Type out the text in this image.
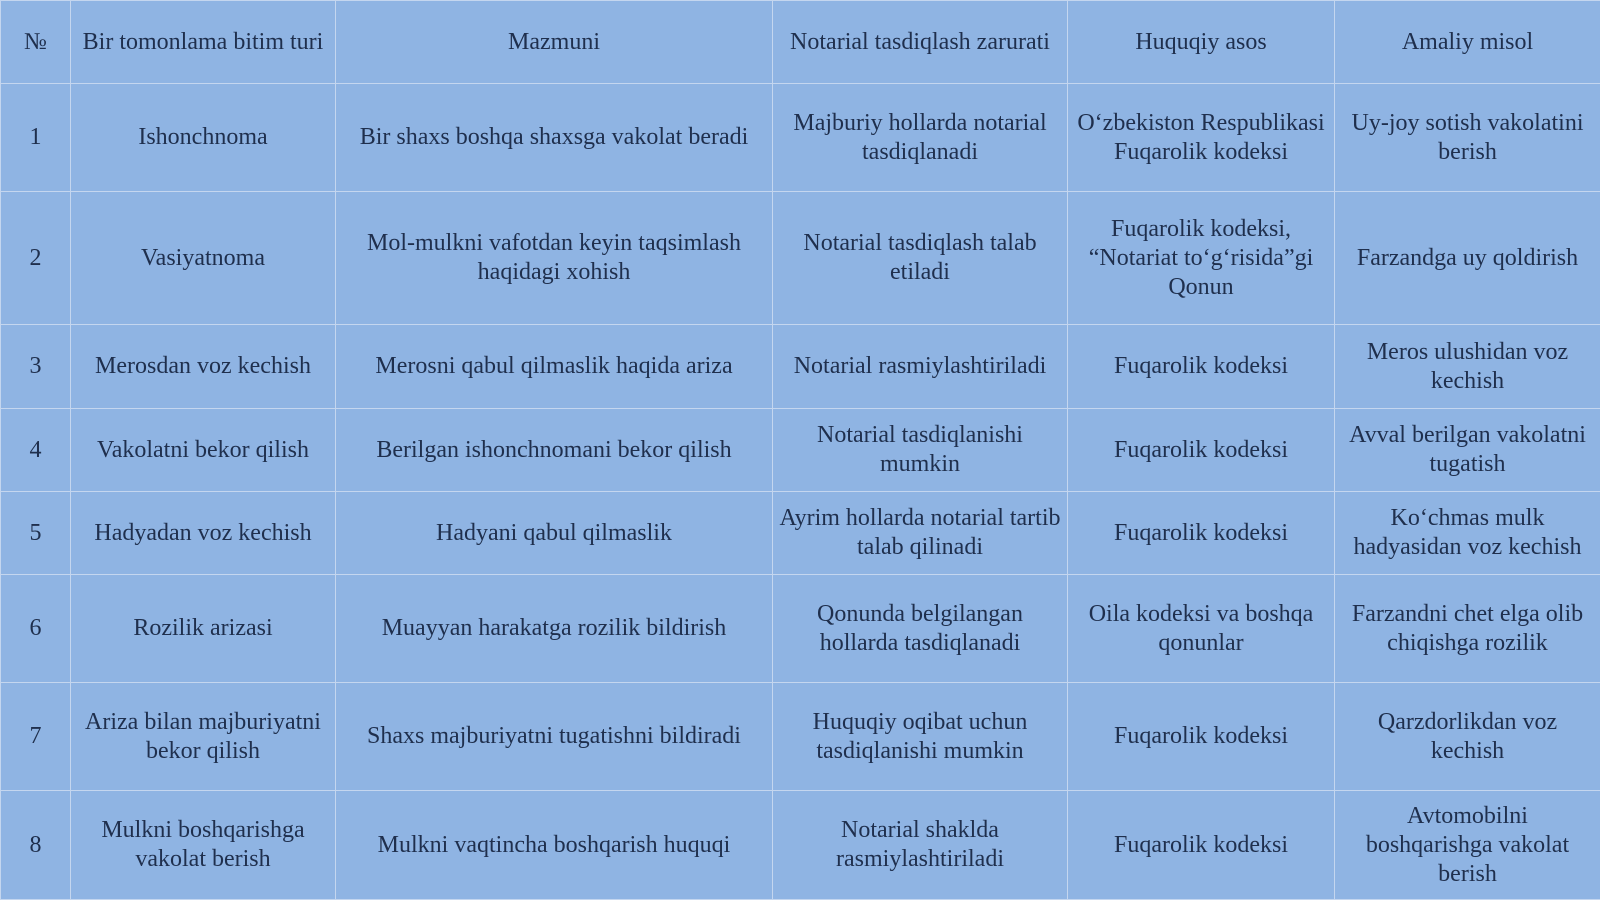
№	Bir tomonlama bitim turi	Mazmuni	Notarial tasdiqlash zarurati	Huquqiy asos	Amaliy misol
1	Ishonchnoma	Bir shaxs boshqa shaxsga vakolat beradi	Majburiy hollarda notarial tasdiqlanadi	O‘zbekiston Respublikasi Fuqarolik kodeksi	Uy-joy sotish vakolatini berish
2	Vasiyatnoma	Mol-mulkni vafotdan keyin taqsimlash haqidagi xohish	Notarial tasdiqlash talab etiladi	Fuqarolik kodeksi, “Notariat to‘g‘risida”gi Qonun	Farzandga uy qoldirish
3	Merosdan voz kechish	Merosni qabul qilmaslik haqida ariza	Notarial rasmiylashtiriladi	Fuqarolik kodeksi	Meros ulushidan voz kechish
4	Vakolatni bekor qilish	Berilgan ishonchnomani bekor qilish	Notarial tasdiqlanishi mumkin	Fuqarolik kodeksi	Avval berilgan vakolatni tugatish
5	Hadyadan voz kechish	Hadyani qabul qilmaslik	Ayrim hollarda notarial tartib talab qilinadi	Fuqarolik kodeksi	Ko‘chmas mulk hadyasidan voz kechish
6	Rozilik arizasi	Muayyan harakatga rozilik bildirish	Qonunda belgilangan hollarda tasdiqlanadi	Oila kodeksi va boshqa qonunlar	Farzandni chet elga olib chiqishga rozilik
7	Ariza bilan majburiyatni bekor qilish	Shaxs majburiyatni tugatishni bildiradi	Huquqiy oqibat uchun tasdiqlanishi mumkin	Fuqarolik kodeksi	Qarzdorlikdan voz kechish
8	Mulkni boshqarishga vakolat berish	Mulkni vaqtincha boshqarish huquqi	Notarial shaklda rasmiylashtiriladi	Fuqarolik kodeksi	Avtomobilni boshqarishga vakolat berish
